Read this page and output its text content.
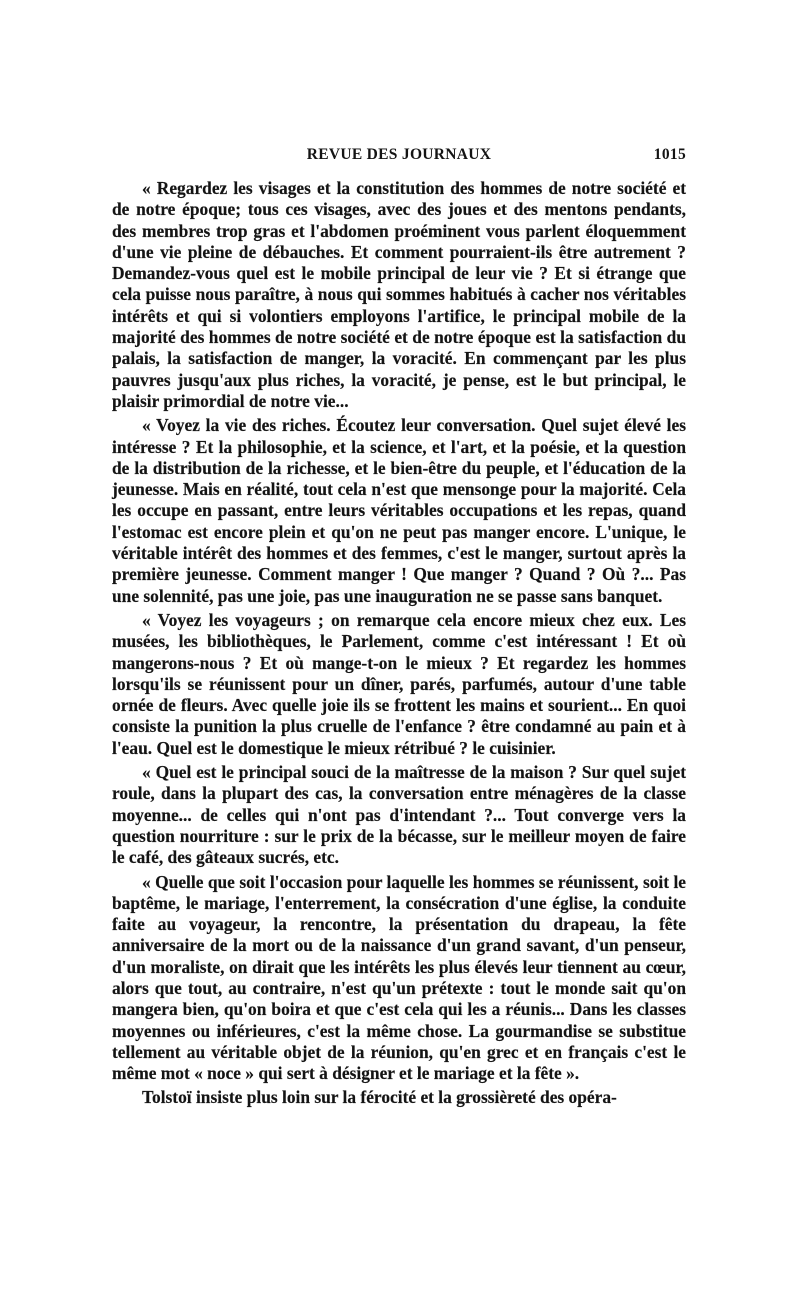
REVUE DES JOURNAUX	1015

« Regardez les visages et la constitution des hommes de notre société et de notre époque; tous ces visages, avec des joues et des mentons pendants, des membres trop gras et l'abdomen proéminent vous parlent éloquemment d'une vie pleine de débauches. Et comment pourraient-ils être autrement ? Demandez-vous quel est le mobile principal de leur vie ? Et si étrange que cela puisse nous paraître, à nous qui sommes habitués à cacher nos véritables intérêts et qui si volontiers employons l'artifice, le principal mobile de la majorité des hommes de notre société et de notre époque est la satisfaction du palais, la satisfaction de manger, la voracité. En commençant par les plus pauvres jusqu'aux plus riches, la voracité, je pense, est le but principal, le plaisir primordial de notre vie...

« Voyez la vie des riches. Écoutez leur conversation. Quel sujet élevé les intéresse ? Et la philosophie, et la science, et l'art, et la poésie, et la question de la distribution de la richesse, et le bien-être du peuple, et l'éducation de la jeunesse. Mais en réalité, tout cela n'est que mensonge pour la majorité. Cela les occupe en passant, entre leurs véritables occupations et les repas, quand l'estomac est encore plein et qu'on ne peut pas manger encore. L'unique, le véritable intérêt des hommes et des femmes, c'est le manger, surtout après la première jeunesse. Comment manger ! Que manger ? Quand ? Où ?... Pas une solennité, pas une joie, pas une inauguration ne se passe sans banquet.

« Voyez les voyageurs ; on remarque cela encore mieux chez eux. Les musées, les bibliothèques, le Parlement, comme c'est intéressant ! Et où mangerons-nous ? Et où mange-t-on le mieux ? Et regardez les hommes lorsqu'ils se réunissent pour un dîner, parés, parfumés, autour d'une table ornée de fleurs. Avec quelle joie ils se frottent les mains et sourient... En quoi consiste la punition la plus cruelle de l'enfance ? être condamné au pain et à l'eau. Quel est le domestique le mieux rétribué ? le cuisinier.

« Quel est le principal souci de la maîtresse de la maison ? Sur quel sujet roule, dans la plupart des cas, la conversation entre ménagères de la classe moyenne... de celles qui n'ont pas d'intendant ?... Tout converge vers la question nourriture : sur le prix de la bécasse, sur le meilleur moyen de faire le café, des gâteaux sucrés, etc.

« Quelle que soit l'occasion pour laquelle les hommes se réunissent, soit le baptême, le mariage, l'enterrement, la consécration d'une église, la conduite faite au voyageur, la rencontre, la présentation du drapeau, la fête anniversaire de la mort ou de la naissance d'un grand savant, d'un penseur, d'un moraliste, on dirait que les intérêts les plus élevés leur tiennent au cœur, alors que tout, au contraire, n'est qu'un prétexte : tout le monde sait qu'on mangera bien, qu'on boira et que c'est cela qui les a réunis... Dans les classes moyennes ou inférieures, c'est la même chose. La gourmandise se substitue tellement au véritable objet de la réunion, qu'en grec et en français c'est le même mot « noce » qui sert à désigner et le mariage et la fête ».

Tolstoï insiste plus loin sur la férocité et la grossièreté des opéra-
